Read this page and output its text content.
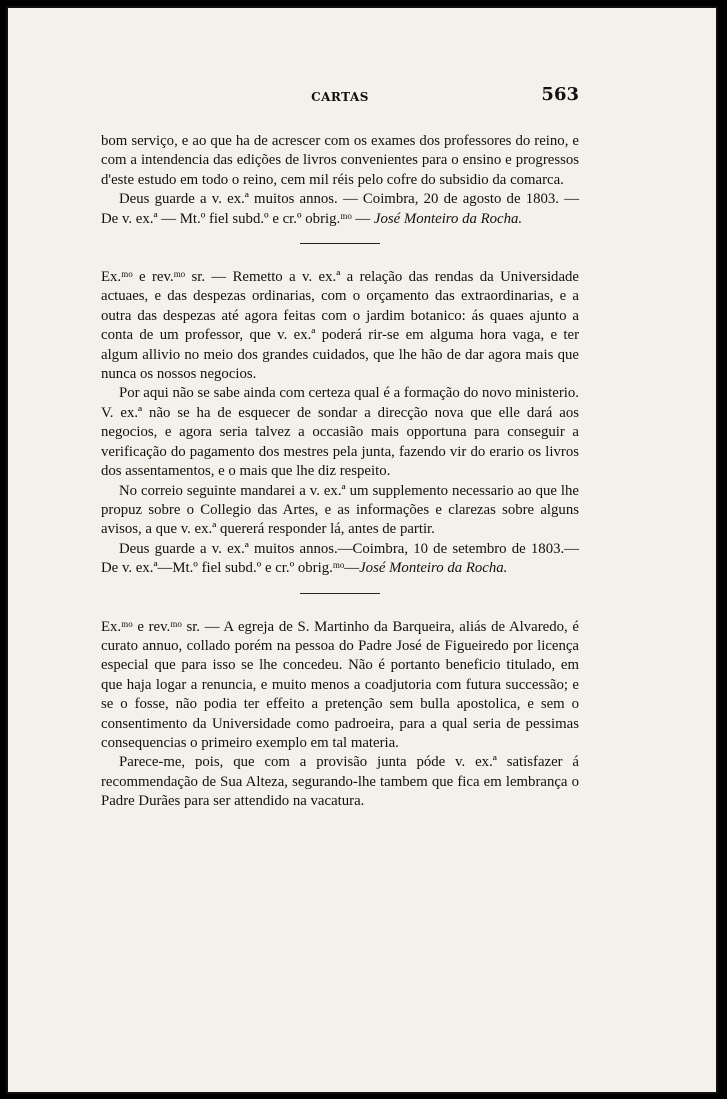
CARTAS	563

bom serviço, e ao que ha de acrescer com os exames dos professores do reino, e com a intendencia das edições de livros convenientes para o ensino e progressos d'este estudo em todo o reino, cem mil réis pelo cofre do subsidio da comarca.

Deus guarde a v. ex.ª muitos annos. — Coimbra, 20 de agosto de 1803. — De v. ex.ª — Mt.º fiel subd.º e cr.º obrig.ᵐᵒ — José Monteiro da Rocha.

Ex.ᵐᵒ e rev.ᵐᵒ sr. — Remetto a v. ex.ª a relação das rendas da Universidade actuaes, e das despezas ordinarias, com o orçamento das extraordinarias, e a outra das despezas até agora feitas com o jardim botanico: ás quaes ajunto a conta de um professor, que v. ex.ª poderá rir-se em alguma hora vaga, e ter algum allivio no meio dos grandes cuidados, que lhe hão de dar agora mais que nunca os nossos negocios.

Por aqui não se sabe ainda com certeza qual é a formação do novo ministerio. V. ex.ª não se ha de esquecer de sondar a direcção nova que elle dará aos negocios, e agora seria talvez a occasião mais opportuna para conseguir a verificação do pagamento dos mestres pela junta, fazendo vir do erario os livros dos assentamentos, e o mais que lhe diz respeito.

No correio seguinte mandarei a v. ex.ª um supplemento necessario ao que lhe propuz sobre o Collegio das Artes, e as informações e clarezas sobre alguns avisos, a que v. ex.ª quererá responder lá, antes de partir.

Deus guarde a v. ex.ª muitos annos.—Coimbra, 10 de setembro de 1803.—De v. ex.ª—Mt.º fiel subd.º e cr.º obrig.ᵐᵒ—José Monteiro da Rocha.

Ex.ᵐᵒ e rev.ᵐᵒ sr. — A egreja de S. Martinho da Barqueira, aliás de Alvaredo, é curato annuo, collado porém na pessoa do Padre José de Figueiredo por licença especial que para isso se lhe concedeu. Não é portanto beneficio titulado, em que haja logar a renuncia, e muito menos a coadjutoria com futura successão; e se o fosse, não podia ter effeito a pretenção sem bulla apostolica, e sem o consentimento da Universidade como padroeira, para a qual seria de pessimas consequencias o primeiro exemplo em tal materia.

Parece-me, pois, que com a provisão junta póde v. ex.ª satisfazer á recommendação de Sua Alteza, segurando-lhe tambem que fica em lembrança o Padre Durães para ser attendido na vacatura.
